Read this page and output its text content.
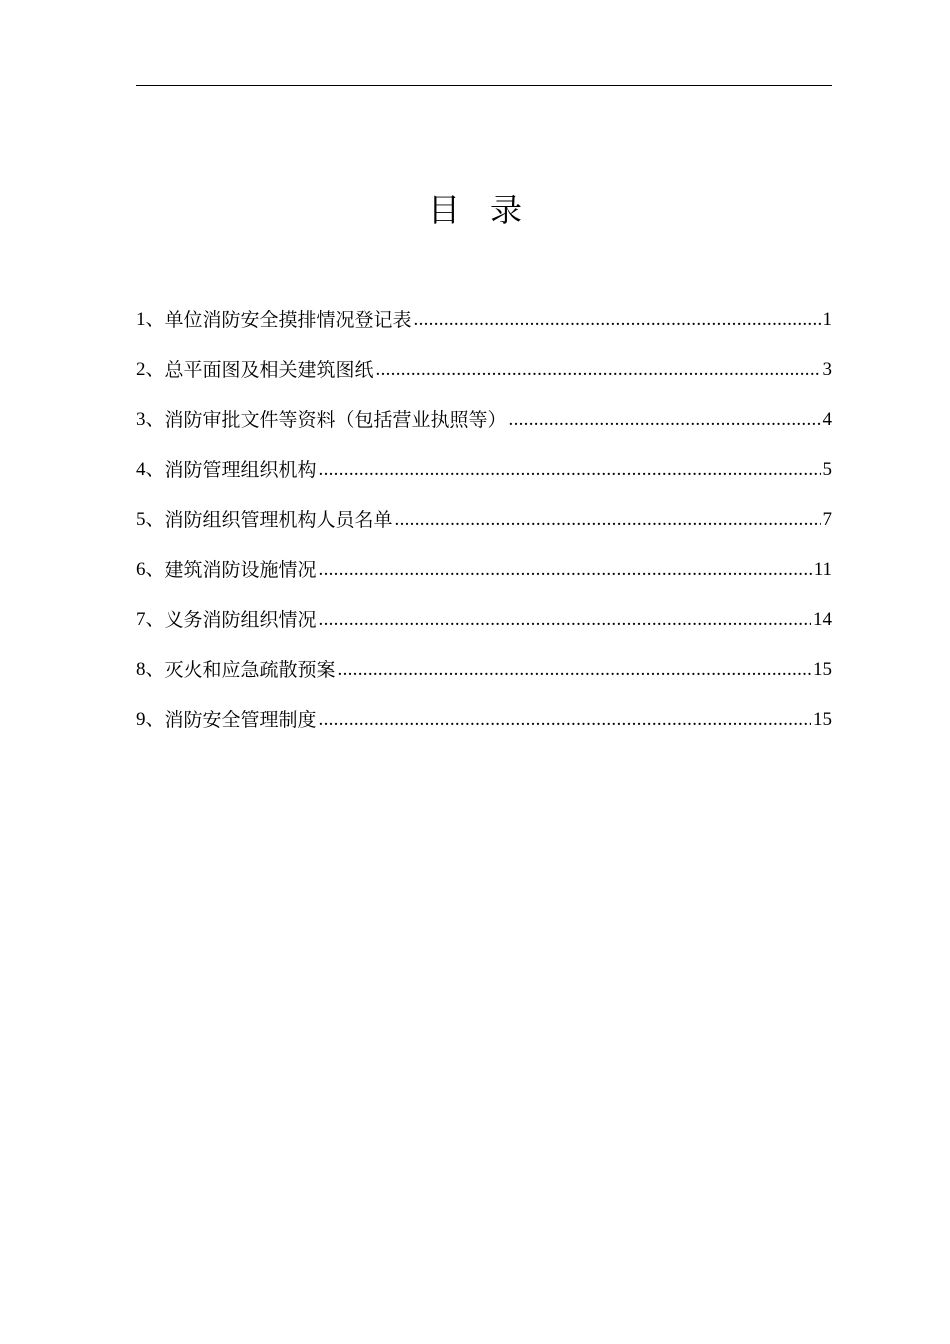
目录
1、 单位消防安全摸排情况登记表 .....	1
2、 总平面图及相关建筑图纸 .....	3
3、 消防审批文件等资料（包括营业执照等） .....	4
4、 消防管理组织机构 .....	5
5、 消防组织管理机构人员名单 .....	7
6、 建筑消防设施情况 .....	11
7、 义务消防组织情况 .....	14
8、 灭火和应急疏散预案 .....	15
9、 消防安全管理制度 .....	15
